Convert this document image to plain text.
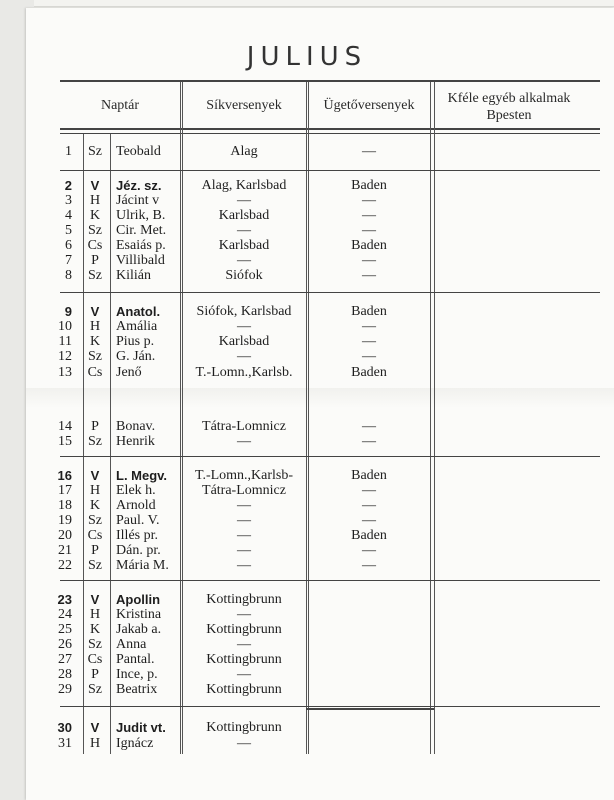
JULIUS
Naptár	Síkversenyek	Ügetőversenyek	Kféle egyéb alkalmak Bpesten
1 Sz Teobald	Alag	—
2	V	Jéz. sz.	Alag, Karlsbad	Baden
3	H	Jácint v	—	—
4	K	Ulrik, B.	Karlsbad	—
5 Sz Cir. Met.	—	—
6 Cs Esaiás p.	Karlsbad	Baden
7	P	Villibald	—	—
8 Sz Kilián	Siófok	—
9	V	Anatol.	Siófok, Karlsbad	Baden
10	H	Amália	—	—
11	K	Pius p.	Karlsbad	—
12 Sz G. Ján.	—	—
13 Cs Jenő	T.-Lomn.,Karlsb.	Baden
14	P	Bonav.	Tátra-Lomnicz	—
15 Sz Henrik	—	—
16	V	L. Megv.	T.-Lomn.,Karlsb-	Baden
17	H	Elek h.	Tátra-Lomnicz	—
18	K	Arnold	—	—
19 Sz Paul. V.	—	—
20 Cs Illés pr.	—	Baden
21	P	Dán. pr.	—	—
22 Sz Mária M.	—	—
23	V	Apollin	Kottingbrunn
24	H	Kristina	—
25	K	Jakab a.	Kottingbrunn
26 Sz Anna	—
27 Cs Pantal.	Kottingbrunn
28	P	Ince, p.	—
29 Sz Beatrix	Kottingbrunn
30	V	Judit vt.	Kottingbrunn
31	H	Ignácz	—
